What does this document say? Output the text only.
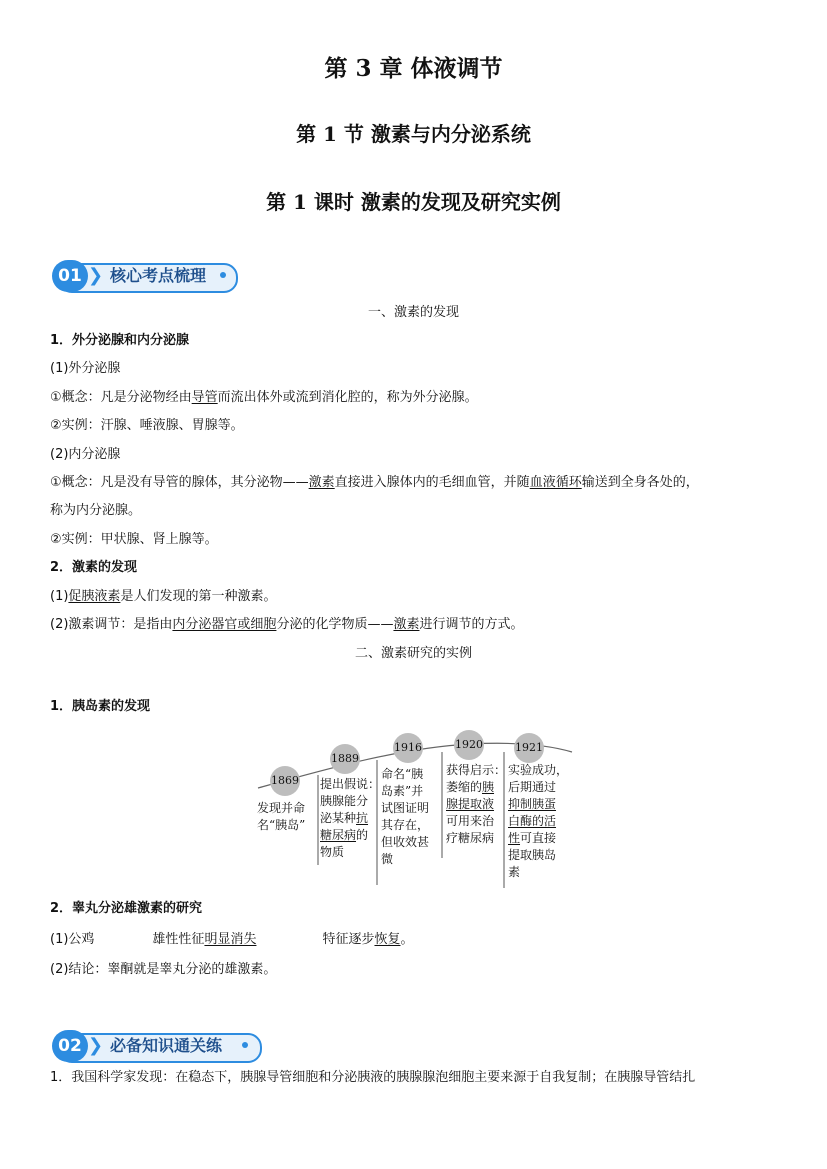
第 3 章 体液调节
第 1 节 激素与内分泌系统
第 1 课时 激素的发现及研究实例
01 ❯ 核心考点梳理
一、激素的发现
1．外分泌腺和内分泌腺
(1)外分泌腺
①概念：凡是分泌物经由导管而流出体外或流到消化腔的，称为外分泌腺。
②实例：汗腺、唾液腺、胃腺等。
(2)内分泌腺
①概念：凡是没有导管的腺体，其分泌物——激素直接进入腺体内的毛细血管，并随血液循环输送到全身各处的，
称为内分泌腺。
②实例：甲状腺、肾上腺等。
2．激素的发现
(1)促胰液素是人们发现的第一种激素。
(2)激素调节：是指由内分泌器官或细胞分泌的化学物质——激素进行调节的方式。
二、激素研究的实例
1．胰岛素的发现
1869
1889
1916	1920	1921
发现并命
名“胰岛”
提出假说：
胰腺能分
泌某种抗
糖尿病的
物质
命名“胰
岛素”并
试图证明
其存在，
但收效甚
微
获得启示：
萎缩的胰
腺提取液
可用来治
疗糖尿病
实验成功，
后期通过
抑制胰蛋
白酶的活
性可直接
提取胰岛
素
2．睾丸分泌雄激素的研究
(1)公鸡	雄性性征明显消失	特征逐步恢复。
(2)结论：睾酮就是睾丸分泌的雄激素。
02 ❯ 必备知识通关练
1．我国科学家发现：在稳态下，胰腺导管细胞和分泌胰液的胰腺腺泡细胞主要来源于自我复制；在胰腺导管结扎
